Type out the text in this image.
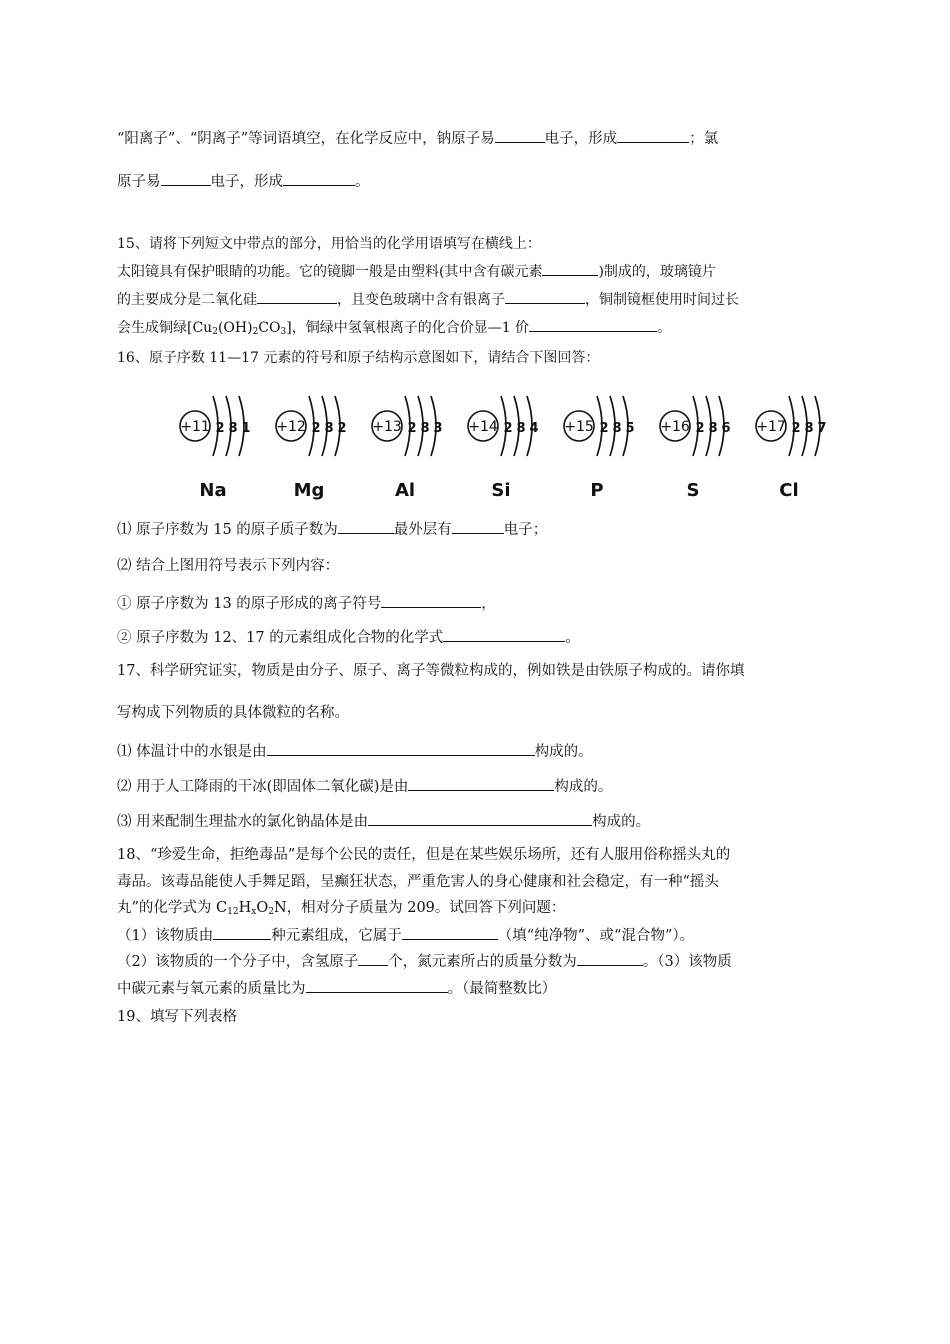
“阳离子”、“阴离子”等词语填空，在化学反应中，钠原子易	电子，形成	；氯
原子易	电子，形成	。
15、请将下列短文中带点的部分，用恰当的化学用语填写在横线上：
太阳镜具有保护眼睛的功能。它的镜脚一般是由塑料(其中含有碳元素	)制成的，玻璃镜片
的主要成分是二氧化硅	，且变色玻璃中含有银离子	，铜制镜框使用时间过长
会生成铜绿$[Cu_2(OH)_2CO_3]$，铜绿中氢氧根离子的化合价显—1 价	。
16、原子序数 11—17 元素的符号和原子结构示意图如下，请结合下图回答：
+11 2 8 1
Na
+12 2 8 2
Mg
+13 2 8 3
Al
+14 2 8 4
Si
+15 2 8 5
P
+16 2 8 6
S
+17 2 8 7
Cl
⑴ 原子序数为 15 的原子质子数为	最外层有	电子；
⑵ 结合上图用符号表示下列内容：
① 原子序数为 13 的原子形成的离子符号	，
② 原子序数为 12、17 的元素组成化合物的化学式	。
17、科学研究证实，物质是由分子、原子、离子等微粒构成的，例如铁是由铁原子构成的。请你填
写构成下列物质的具体微粒的名称。
⑴ 体温计中的水银是由	构成的。
⑵ 用于人工降雨的干冰(即固体二氧化碳)是由	构成的。
⑶ 用来配制生理盐水的氯化钠晶体是由	构成的。
18、“珍爱生命，拒绝毒品”是每个公民的责任，但是在某些娱乐场所，还有人服用俗称摇头丸的
毒品。该毒品能使人手舞足蹈，呈癫狂状态，严重危害人的身心健康和社会稳定，有一种“摇头
丸”的化学式为 $C_{12}H_xO_2N$，相对分子质量为 209。试回答下列问题：
（1）该物质由	种元素组成，它属于	（填“纯净物”、或“混合物”）。
（2）该物质的一个分子中，含氢原子 个，氮元素所占的质量分数为	。（3）该物质
中碳元素与氧元素的质量比为	。（最简整数比）
19、填写下列表格
